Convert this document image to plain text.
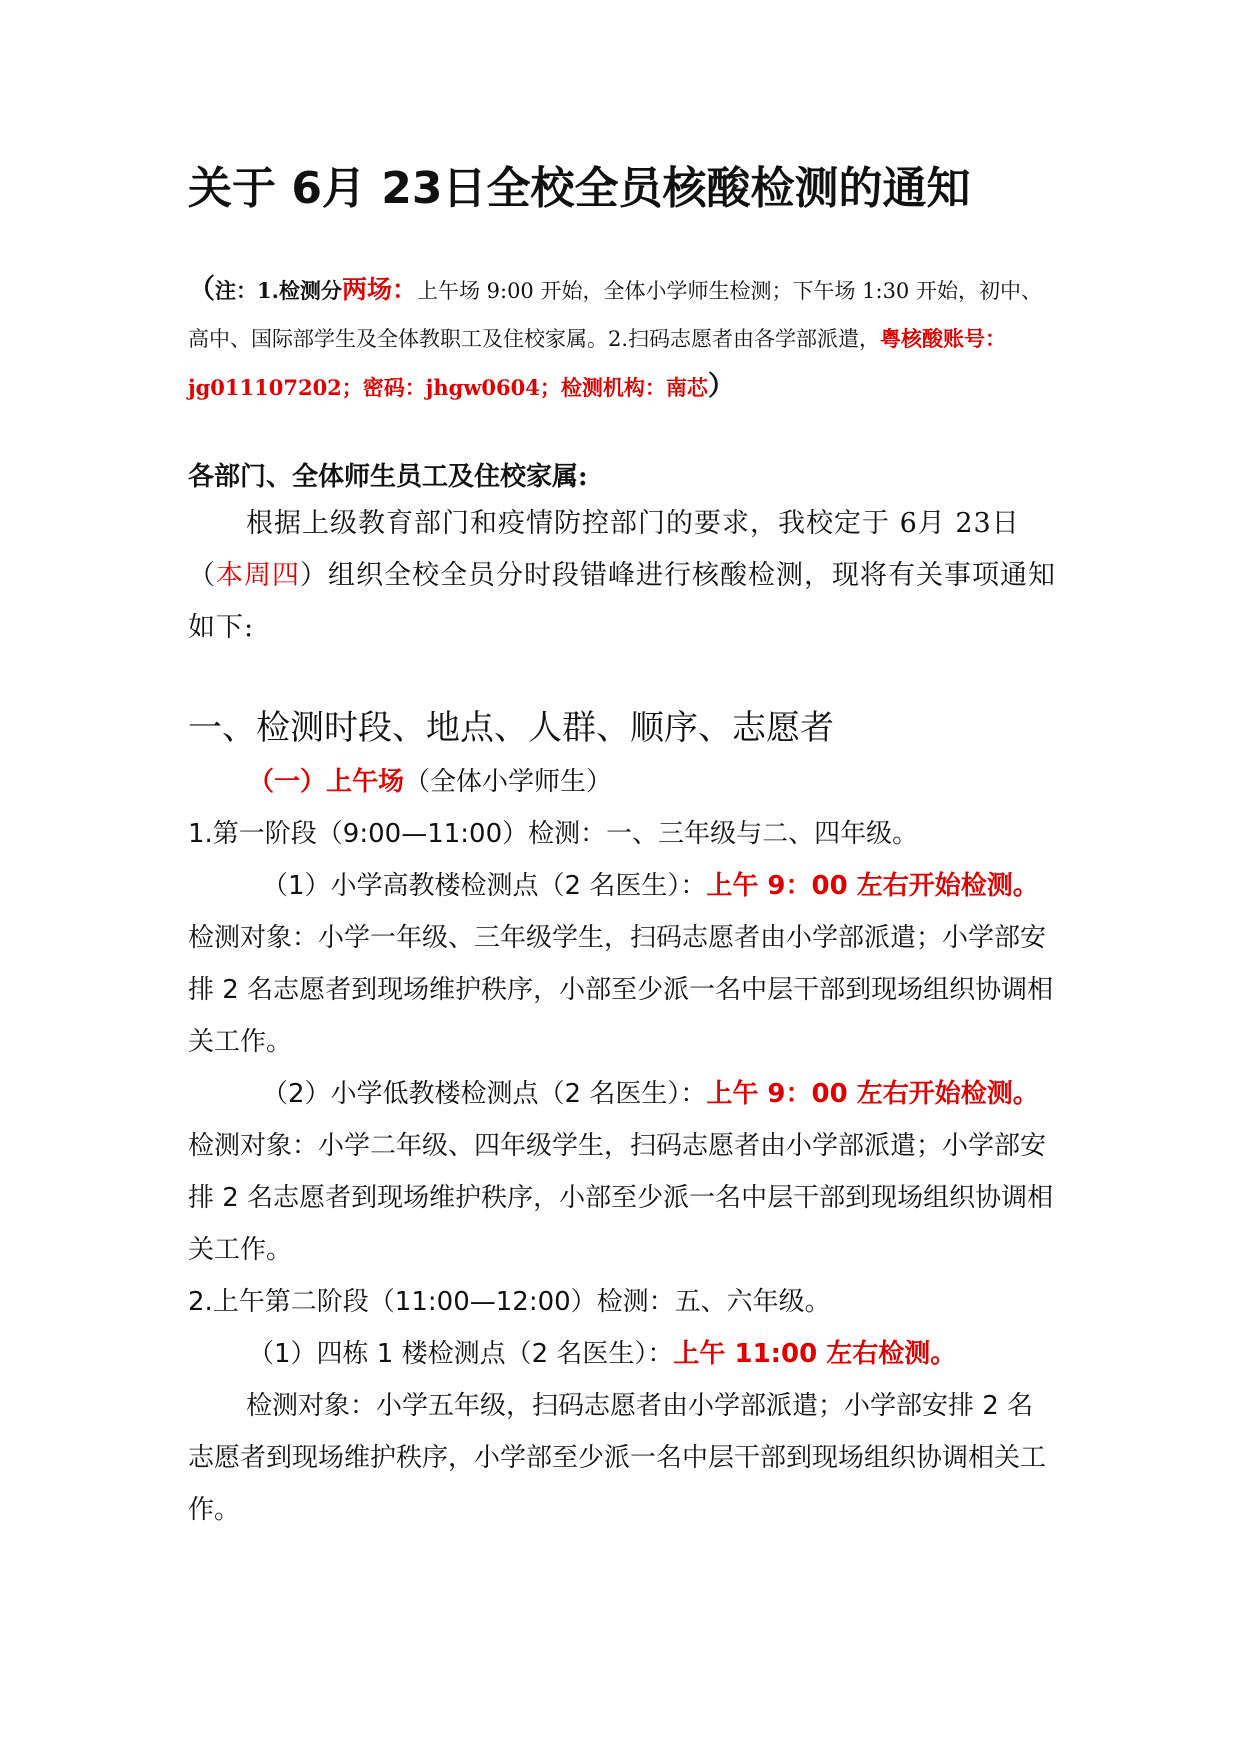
关于 6月 23日全校全员核酸检测的通知
（注：1.检测分两场：上午场 9:00 开始，全体小学师生检测；下午场 1:30 开始，初中、高中、国际部学生及全体教职工及住校家属。2.扫码志愿者由各学部派遣，粤核酸账号：jg011107202；密码：jhgw0604；检测机构：南芯）
各部门、全体师生员工及住校家属:
根据上级教育部门和疫情防控部门的要求，我校定于 6月 23日（本周四）组织全校全员分时段错峰进行核酸检测，现将有关事项通知如下:
一、检测时段、地点、人群、顺序、志愿者

（一）上午场（全体小学师生）

1.第一阶段（9:00—11:00）检测：一、三年级与二、四年级。

（1）小学高教楼检测点（2 名医生）：上午 9：00 左右开始检测。检测对象：小学一年级、三年级学生，扫码志愿者由小学部派遣；小学部安排 2 名志愿者到现场维护秩序，小部至少派一名中层干部到现场组织协调相关工作。

（2）小学低教楼检测点（2 名医生）：上午 9：00 左右开始检测。检测对象：小学二年级、四年级学生，扫码志愿者由小学部派遣；小学部安排 2 名志愿者到现场维护秩序，小部至少派一名中层干部到现场组织协调相关工作。

2.上午第二阶段（11:00—12:00）检测：五、六年级。

（1）四栋 1 楼检测点（2 名医生）：上午 11:00 左右检测。

检测对象：小学五年级，扫码志愿者由小学部派遣；小学部安排 2 名志愿者到现场维护秩序，小学部至少派一名中层干部到现场组织协调相关工作。
